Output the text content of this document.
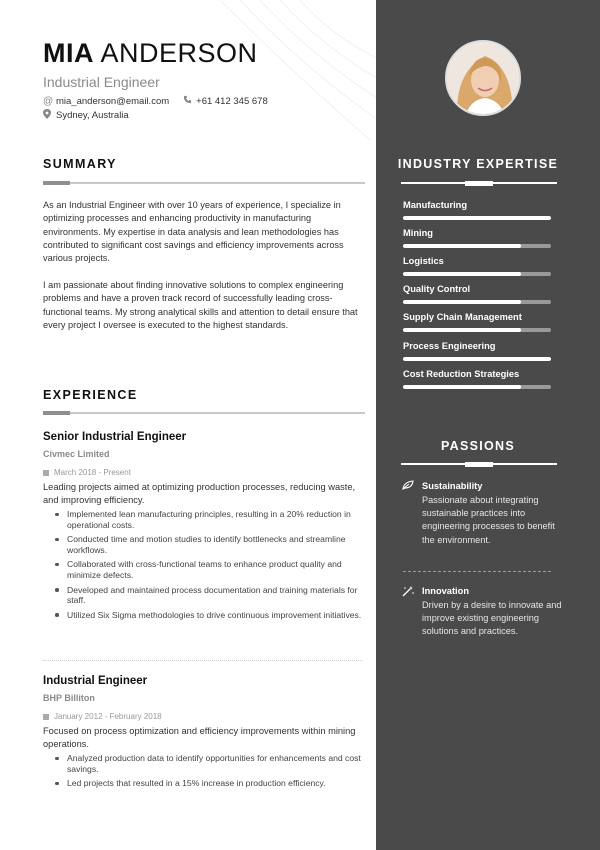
MIA ANDERSON
Industrial Engineer
@ mia_anderson@email.com	+61 412 345 678
Sydney, Australia
SUMMARY

As an Industrial Engineer with over 10 years of experience, I specialize in optimizing processes and enhancing productivity in manufacturing environments. My expertise in data analysis and lean methodologies has contributed to significant cost savings and efficiency improvements across various projects.

I am passionate about finding innovative solutions to complex engineering problems and have a proven track record of successfully leading cross-functional teams. My strong analytical skills and attention to detail ensure that every project I oversee is executed to the highest standards.

EXPERIENCE
Senior Industrial Engineer
Civmec Limited
March 2018 - Present
Leading projects aimed at optimizing production processes, reducing waste, and improving efficiency.
Implemented lean manufacturing principles, resulting in a 20% reduction in operational costs.
Conducted time and motion studies to identify bottlenecks and streamline workflows.
Collaborated with cross-functional teams to enhance product quality and minimize defects.
Developed and maintained process documentation and training materials for staff.
Utilized Six Sigma methodologies to drive continuous improvement initiatives.
Industrial Engineer
BHP Billiton
January 2012 - February 2018
Focused on process optimization and efficiency improvements within mining operations.
Analyzed production data to identify opportunities for enhancements and cost savings.
Led projects that resulted in a 15% increase in production efficiency.
INDUSTRY EXPERTISE
Manufacturing
Mining
Logistics
Quality Control
Supply Chain Management
Process Engineering
Cost Reduction Strategies
PASSIONS
Sustainability
Passionate about integrating sustainable practices into engineering processes to benefit the environment.
Innovation
Driven by a desire to innovate and improve existing engineering solutions and practices.
